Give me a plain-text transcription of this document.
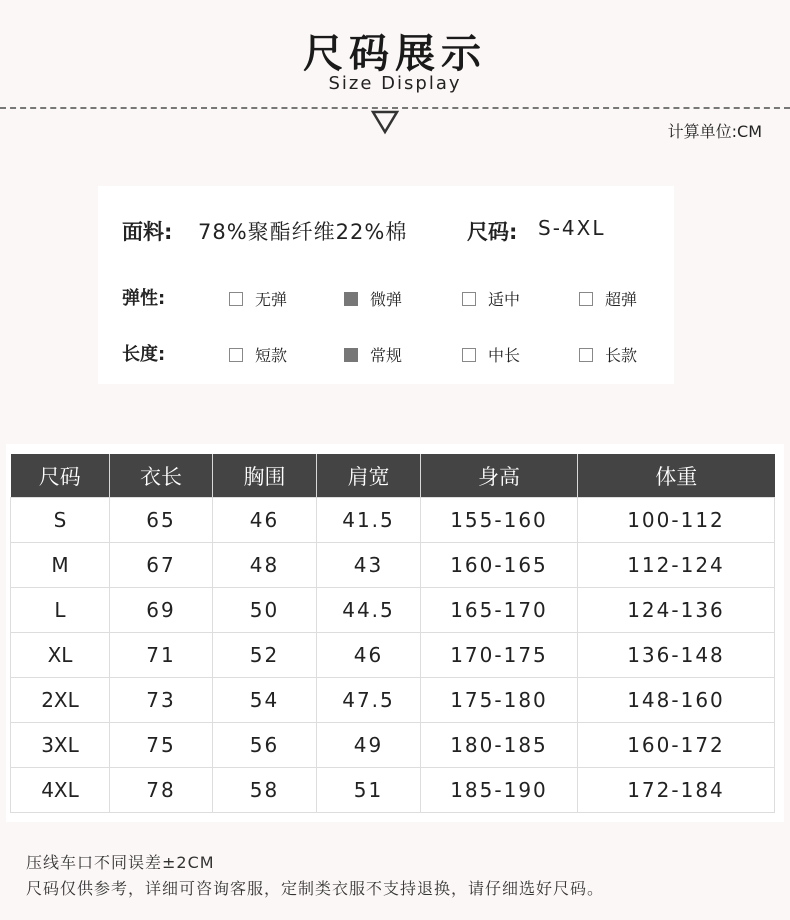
尺码展示
Size Display
计算单位:CM
面料: 78%聚酯纤维22%棉	尺码: S-4XL
弹性:	无弹	微弹	适中	超弹
长度:	短款	常规	中长	长款
尺码	衣长	胸围	肩宽	身高	体重
S	65	46	41.5	155-160	100-112
M	67	48	43	160-165	112-124
L	69	50	44.5	165-170	124-136
XL	71	52	46	170-175	136-148
2XL	73	54	47.5	175-180	148-160
3XL	75	56	49	180-185	160-172
4XL	78	58	51	185-190	172-184
压线车口不同误差±2CM
尺码仅供参考，详细可咨询客服，定制类衣服不支持退换，请仔细选好尺码。
